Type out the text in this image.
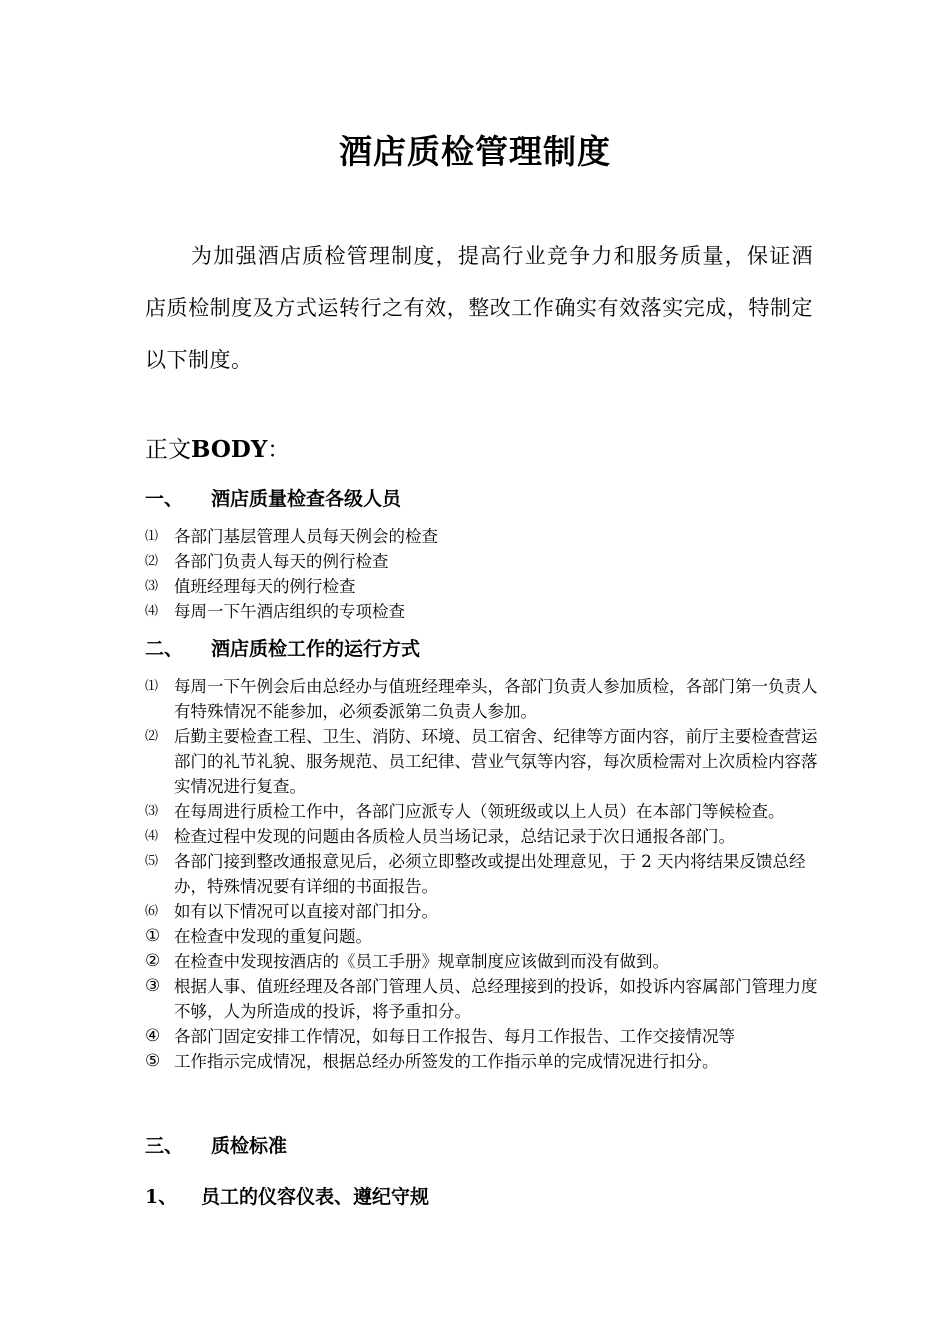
酒店质检管理制度

为加强酒店质检管理制度，提高行业竞争力和服务质量，保证酒店质检制度及方式运转行之有效，整改工作确实有效落实完成，特制定以下制度。

正文BODY：
一、 酒店质量检查各级人员
⑴ 各部门基层管理人员每天例会的检查
⑵ 各部门负责人每天的例行检查
⑶ 值班经理每天的例行检查
⑷ 每周一下午酒店组织的专项检查
二、 酒店质检工作的运行方式
⑴ 每周一下午例会后由总经办与值班经理牵头，各部门负责人参加质检，各部门第一负责人有特殊情况不能参加，必须委派第二负责人参加。
⑵ 后勤主要检查工程、卫生、消防、环境、员工宿舍、纪律等方面内容，前厅主要检查营运部门的礼节礼貌、服务规范、员工纪律、营业气氛等内容，每次质检需对上次质检内容落实情况进行复查。
⑶ 在每周进行质检工作中，各部门应派专人（领班级或以上人员）在本部门等候检查。
⑷ 检查过程中发现的问题由各质检人员当场记录，总结记录于次日通报各部门。
⑸ 各部门接到整改通报意见后，必须立即整改或提出处理意见，于 2 天内将结果反馈总经办，特殊情况要有详细的书面报告。
⑹ 如有以下情况可以直接对部门扣分。
① 在检查中发现的重复问题。
② 在检查中发现按酒店的《员工手册》规章制度应该做到而没有做到。
③ 根据人事、值班经理及各部门管理人员、总经理接到的投诉，如投诉内容属部门管理力度不够，人为所造成的投诉，将予重扣分。
④ 各部门固定安排工作情况，如每日工作报告、每月工作报告、工作交接情况等
⑤ 工作指示完成情况，根据总经办所签发的工作指示单的完成情况进行扣分。
三、 质检标准
1、 员工的仪容仪表、遵纪守规
